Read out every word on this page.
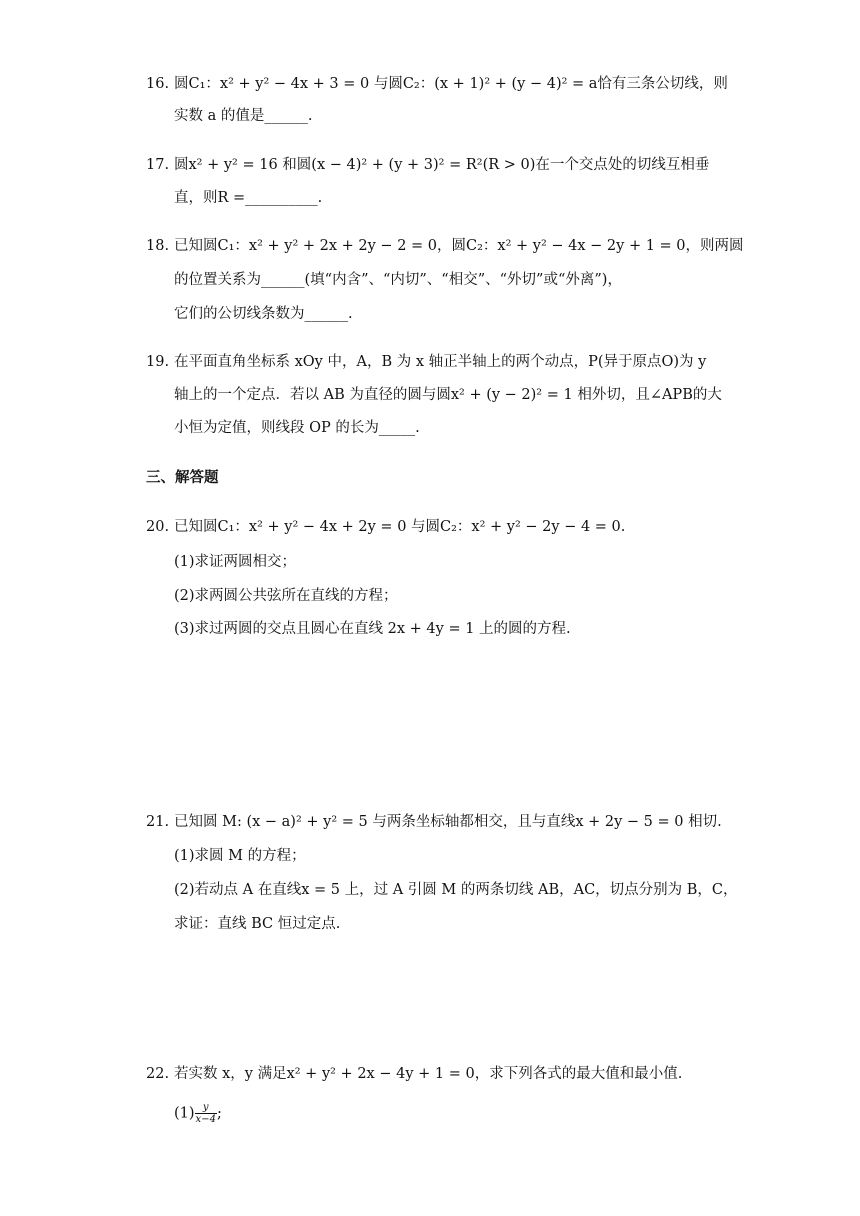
16. 圆C₁：x² + y² − 4x + 3 = 0 与圆C₂：(x + 1)² + (y − 4)² = a恰有三条公切线，则
实数 a 的值是______.
17. 圆x² + y² = 16 和圆(x − 4)² + (y + 3)² = R²(R > 0)在一个交点处的切线互相垂
直，则R =__________.
18. 已知圆C₁：x² + y² + 2x + 2y − 2 = 0，圆C₂：x² + y² − 4x − 2y + 1 = 0，则两圆
的位置关系为______(填“内含”、“内切”、“相交”、“外切”或“外离”)，
它们的公切线条数为______.
19. 在平面直角坐标系 xOy 中，A，B 为 x 轴正半轴上的两个动点，P(异于原点O)为 y
轴上的一个定点．若以 AB 为直径的圆与圆x² + (y − 2)² = 1 相外切，且∠APB的大
小恒为定值，则线段 OP 的长为_____.
三、解答题
20. 已知圆C₁：x² + y² − 4x + 2y = 0 与圆C₂：x² + y² − 2y − 4 = 0.
(1)求证两圆相交；
(2)求两圆公共弦所在直线的方程；
(3)求过两圆的交点且圆心在直线 2x + 4y = 1 上的圆的方程.
21. 已知圆 M: (x − a)² + y² = 5 与两条坐标轴都相交，且与直线x + 2y − 5 = 0 相切.
(1)求圆 M 的方程；
(2)若动点 A 在直线x = 5 上，过 A 引圆 M 的两条切线 AB，AC，切点分别为 B，C，
求证：直线 BC 恒过定点.
22. 若实数 x，y 满足x² + y² + 2x − 4y + 1 = 0，求下列各式的最大值和最小值.
$(1) \frac{y}{x-4}$ ;
